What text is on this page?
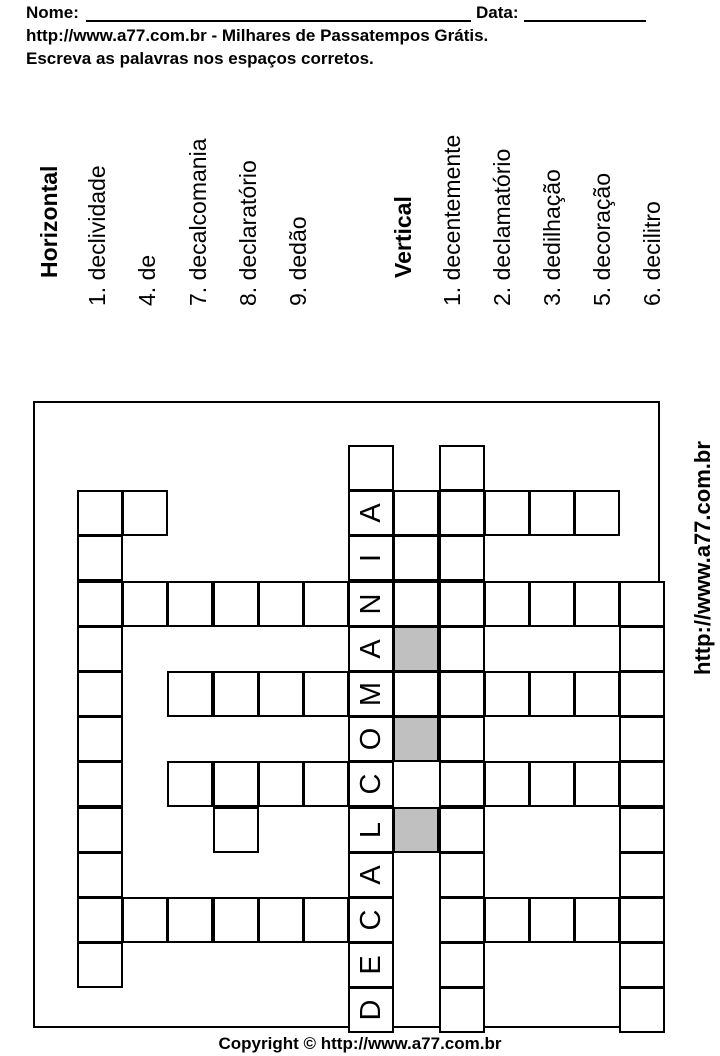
Nome:	Data:
http://www.a77.com.br - Milhares de Passatempos Grátis.
Escreva as palavras nos espaços corretos.
Horizontal 1. declividade 4. de 7. decalcomania 8. declaratório 9. dedão	Vertical 1. decentemente 2. declamatório 3. dedilhação 5. decoração 6. decilitro
A
I
N
A
M
O
C
L
A
C
E
D
http://www.a77.com.br
Copyright © http://www.a77.com.br
